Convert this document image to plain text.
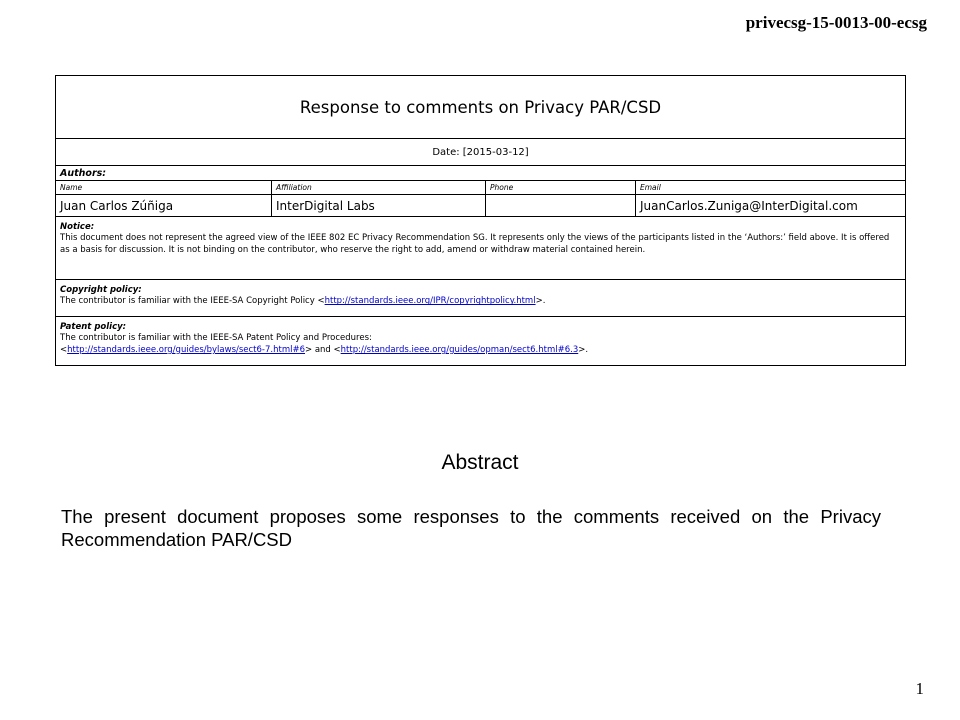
privecsg-15-0013-00-ecsg
Response to comments on Privacy PAR/CSD			
Date: [2015-03-12]			
Authors:			
Name	Affiliation	Phone	Email
Juan Carlos Zúñiga	InterDigital Labs		JuanCarlos.Zuniga@InterDigital.com

Notice:
This document does not represent the agreed view of the IEEE 802 EC Privacy Recommendation SG. It represents only the views of the participants listed in the ‘Authors:’ field above. It is offered as a basis for discussion. It is not binding on the contributor, who reserve the right to add, amend or withdraw material contained herein.			

Copyright policy:
The contributor is familiar with the IEEE-SA Copyright Policy <http://standards.ieee.org/IPR/copyrightpolicy.html>.			

Patent policy:
The contributor is familiar with the IEEE-SA Patent Policy and Procedures:
<http://standards.ieee.org/guides/bylaws/sect6-7.html#6> and <http://standards.ieee.org/guides/opman/sect6.html#6.3>.			
Abstract
The present document proposes some responses to the comments received on the Privacy Recommendation PAR/CSD
1
